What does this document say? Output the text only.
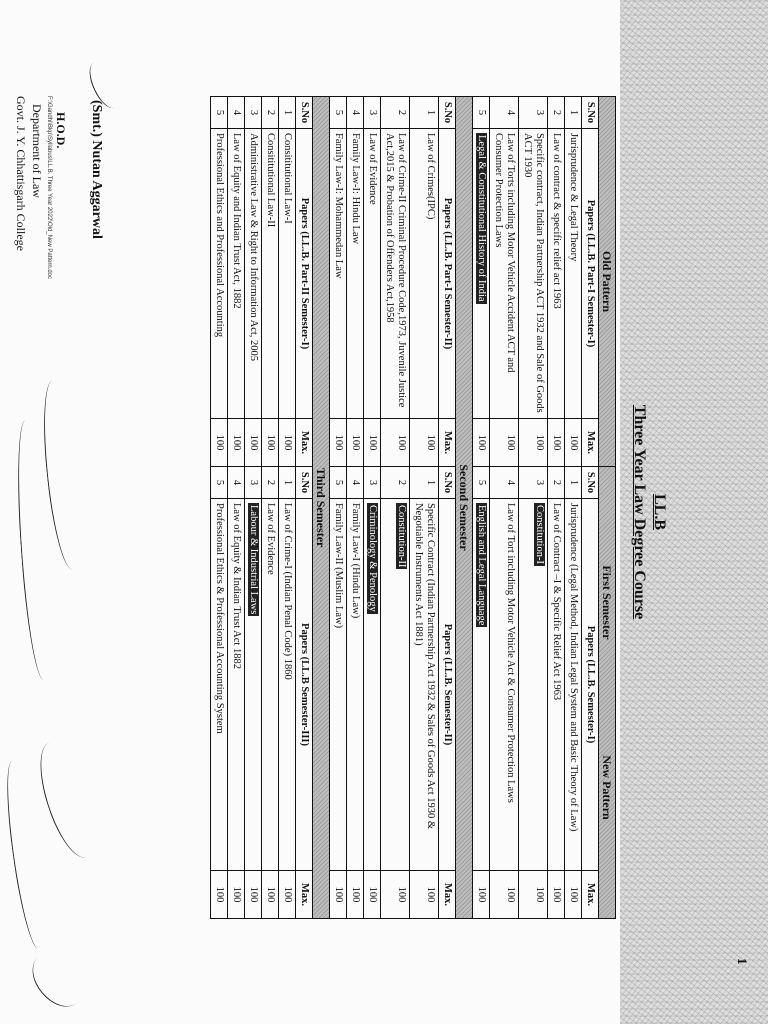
1
LL.B
Three Year Law Degree Course
Old Pattern			First Semester  New Pattern		
S.No	Papers (LL.B. Part-I Semester-I)	Max.	S.No	Papers (LL.B. Semester-I)	Max.
1	Jurisprudence & Legal Theory	100	1	Jurisprudence (Legal Method, Indian Legal System and Basic Theory of Law)	100
2	Law of contract & specific relief act 1963	100	2	Law of Contract –I & Specific Relief Act 1963	100
3	Specific contract, Indian Partnership ACT 1932 and Sale of Goods ACT 1930	100	3	Constitution-I	100
4	Law of Torts including Motor Vehicle Accident ACT and Consumer Protection Laws	100	4	Law of Tort including Motor Vehicle Act & Consumer Protection Laws	100
5	Legal & Constitutional History of India	100	5	English and Legal Language	100
Second Semester					
S.No	Papers (LL.B. Part-I Semester-II)	Max.	S.No	Papers (LL.B. Semester-II)	Max.
1	Law of Crimes(IPC)	100	1	Specific Contract (Indian Partnership Act 1932 & Sales of Goods Act 1930 & Negotiable Instruments Act 1881)	100
2	Law of Crime-II Criminal Procedure Code,1973, Juvenile Justice Act,2015 & Probation of Offenders Act,1958	100	2	Constitution-II	100
3	Law of Evidence	100	3	Criminology & Penology	100
4	Family Law-I: Hindu Law	100	4	Family Law-I (Hindu Law)	100
5	Family Law-I: Mohammedan Law	100	5	Family Law-II (Muslim Law)	100
Third Semester					
S.No	Papers (LL.B. Part-II Semester-I)	Max.	S.No	Papers (LL.B Semester-III)	Max.
1	Consititutional Law-I	100	1	Law of Crime-I (Indian Penal Code) 1860	100
2	Consititutional Law-II	100	2	Law of Evidence	100
3	Administrative Law & Right to Information Act, 2005	100	3	Labour & Industrial Laws	100
4	Law of Equity and Indian Trust Act, 1882	100	4	Law of Equity & Indian Trust Act 1882	100
5	Professional Ethics and Professional Accounting	100	5	Professional Ethics & Professional Accounting System	100
F:\Gandhi\Bkp\Syllabus\LL.B. Three Year 2022\Old_New Pattern.doc	(Smt.) Nutan Aggarwal
H.O.D.
Department of Law
Govt. J. Y. Chhattisgarh College
